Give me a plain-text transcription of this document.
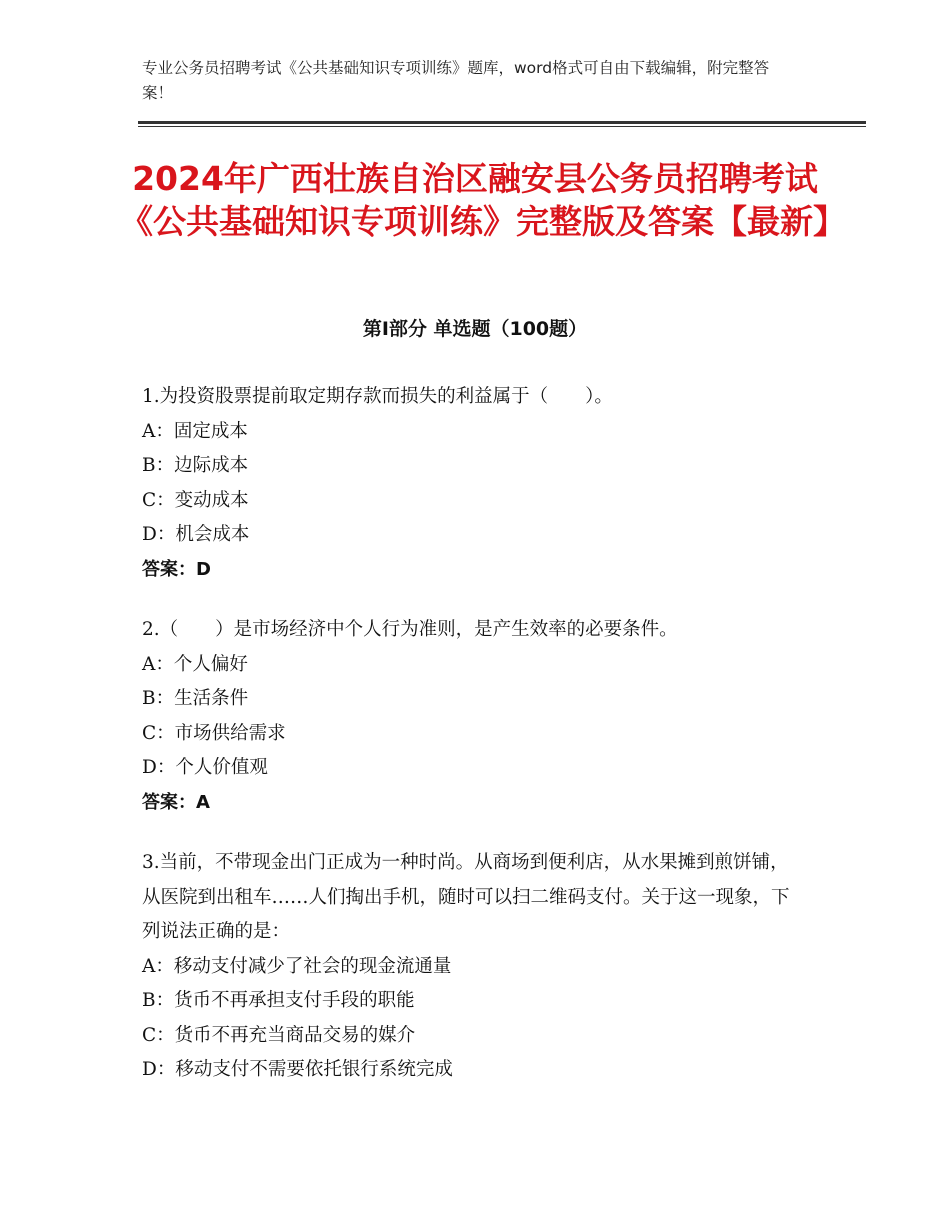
专业公务员招聘考试《公共基础知识专项训练》题库，word格式可自由下载编辑，附完整答案！
2024年广西壮族自治区融安县公务员招聘考试《公共基础知识专项训练》完整版及答案【最新】
第Ⅰ部分 单选题（100题）

1.为投资股票提前取定期存款而损失的利益属于（　　）。

A：固定成本

B：边际成本

C：变动成本

D：机会成本

答案：D

2.（　　）是市场经济中个人行为准则，是产生效率的必要条件。

A：个人偏好

B：生活条件

C：市场供给需求

D：个人价值观

答案：A

3.当前，不带现金出门正成为一种时尚。从商场到便利店，从水果摊到煎饼铺，从医院到出租车……人们掏出手机，随时可以扫二维码支付。关于这一现象，下列说法正确的是：

A：移动支付减少了社会的现金流通量

B：货币不再承担支付手段的职能

C：货币不再充当商品交易的媒介

D：移动支付不需要依托银行系统完成
